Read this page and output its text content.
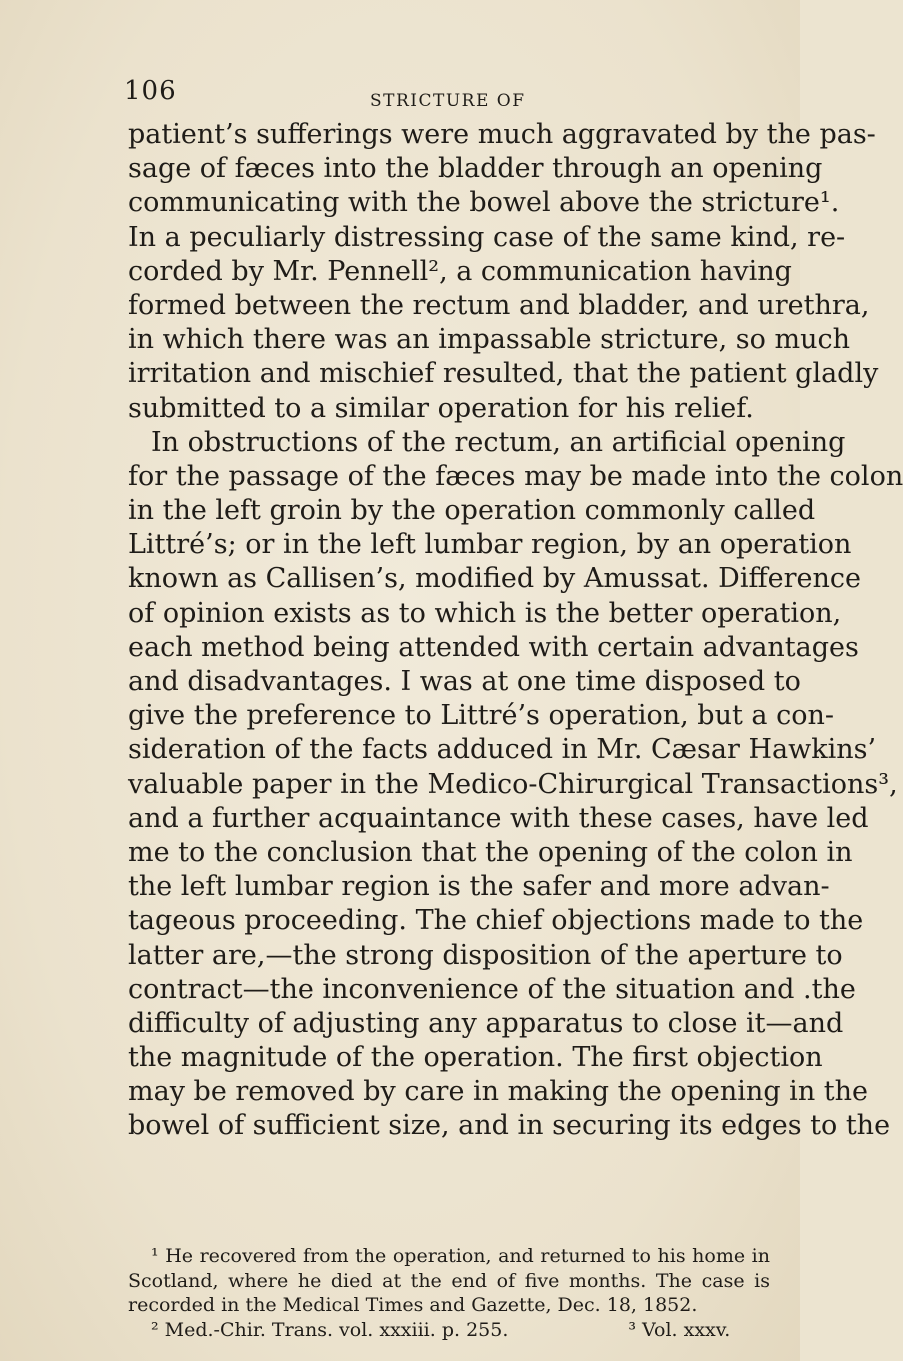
106	STRICTURE OF
patient’s sufferings were much aggravated by the pas-
sage of fæces into the bladder through an opening
communicating with the bowel above the stricture¹.
In a peculiarly distressing case of the same kind, re-
corded by Mr. Pennell², a communication having
formed between the rectum and bladder, and urethra,
in which there was an impassable stricture, so much
irritation and mischief resulted, that the patient gladly
submitted to a similar operation for his relief.
In obstructions of the rectum, an artificial opening
for the passage of the fæces may be made into the colon
in the left groin by the operation commonly called
Littré’s; or in the left lumbar region, by an operation
known as Callisen’s, modified by Amussat. Difference
of opinion exists as to which is the better operation,
each method being attended with certain advantages
and disadvantages. I was at one time disposed to
give the preference to Littré’s operation, but a con-
sideration of the facts adduced in Mr. Cæsar Hawkins’
valuable paper in the Medico-Chirurgical Transactions³,
and a further acquaintance with these cases, have led
me to the conclusion that the opening of the colon in
the left lumbar region is the safer and more advan-
tageous proceeding. The chief objections made to the
latter are,—the strong disposition of the aperture to
contract—the inconvenience of the situation and .the
difficulty of adjusting any apparatus to close it—and
the magnitude of the operation. The first objection
may be removed by care in making the opening in the
bowel of sufficient size, and in securing its edges to the
¹ He recovered from the operation, and returned to his home in
Scotland, where he died at the end of five months. The case is
recorded in the Medical Times and Gazette, Dec. 18, 1852.
² Med.-Chir. Trans. vol. xxxiii. p. 255.	³ Vol. xxxv.
